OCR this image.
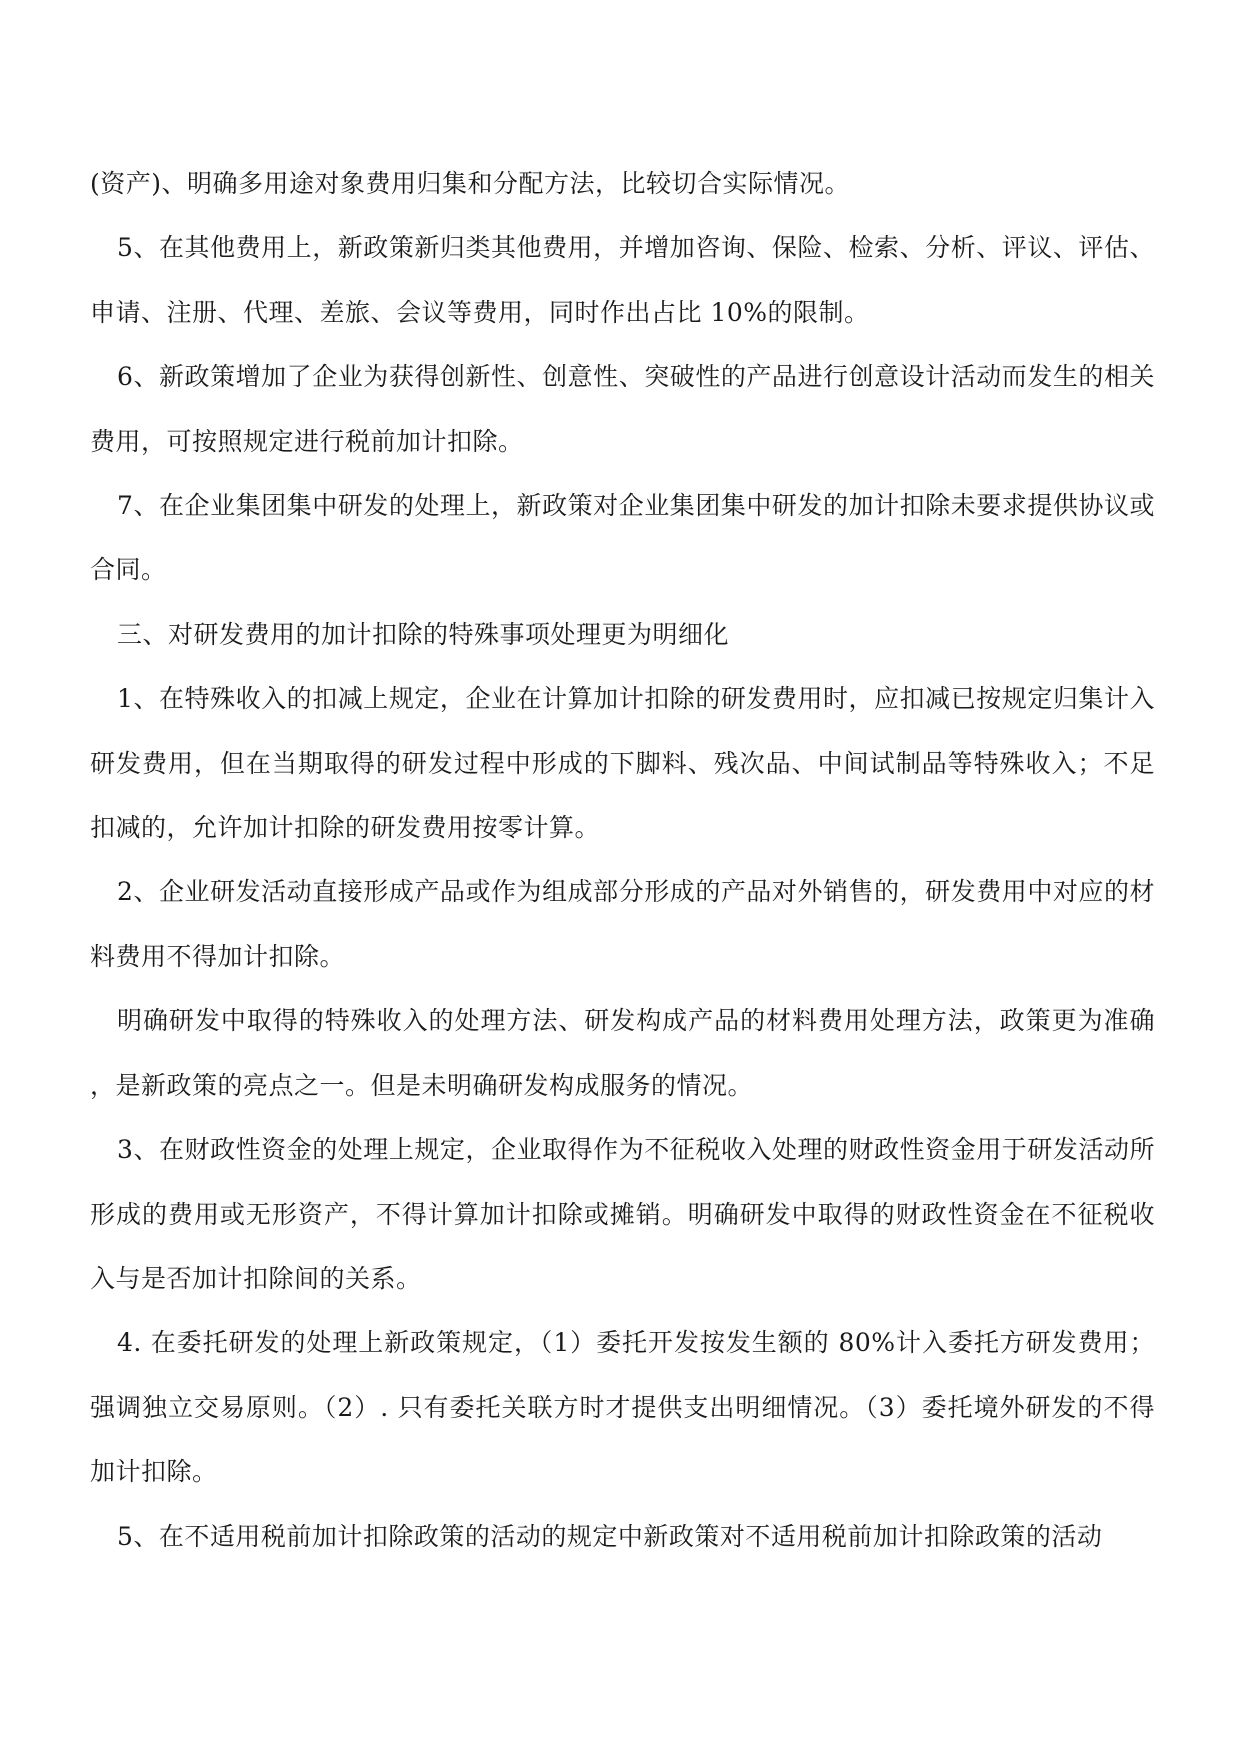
(资产)、明确多用途对象费用归集和分配方法，比较切合实际情况。

5、在其他费用上，新政策新归类其他费用，并增加咨询、保险、检索、分析、评议、评估、申请、注册、代理、差旅、会议等费用，同时作出占比 10%的限制。

6、新政策增加了企业为获得创新性、创意性、突破性的产品进行创意设计活动而发生的相关费用，可按照规定进行税前加计扣除。

7、在企业集团集中研发的处理上，新政策对企业集团集中研发的加计扣除未要求提供协议或合同。

三、对研发费用的加计扣除的特殊事项处理更为明细化

1、在特殊收入的扣减上规定，企业在计算加计扣除的研发费用时，应扣减已按规定归集计入研发费用，但在当期取得的研发过程中形成的下脚料、残次品、中间试制品等特殊收入；不足扣减的，允许加计扣除的研发费用按零计算。

2、企业研发活动直接形成产品或作为组成部分形成的产品对外销售的，研发费用中对应的材料费用不得加计扣除。

明确研发中取得的特殊收入的处理方法、研发构成产品的材料费用处理方法，政策更为准确，是新政策的亮点之一。但是未明确研发构成服务的情况。

3、在财政性资金的处理上规定，企业取得作为不征税收入处理的财政性资金用于研发活动所形成的费用或无形资产，不得计算加计扣除或摊销。明确研发中取得的财政性资金在不征税收入与是否加计扣除间的关系。

4. 在委托研发的处理上新政策规定，（1）委托开发按发生额的 80%计入委托方研发费用；强调独立交易原则。（2）. 只有委托关联方时才提供支出明细情况。（3）委托境外研发的不得加计扣除。

5、在不适用税前加计扣除政策的活动的规定中新政策对不适用税前加计扣除政策的活动
